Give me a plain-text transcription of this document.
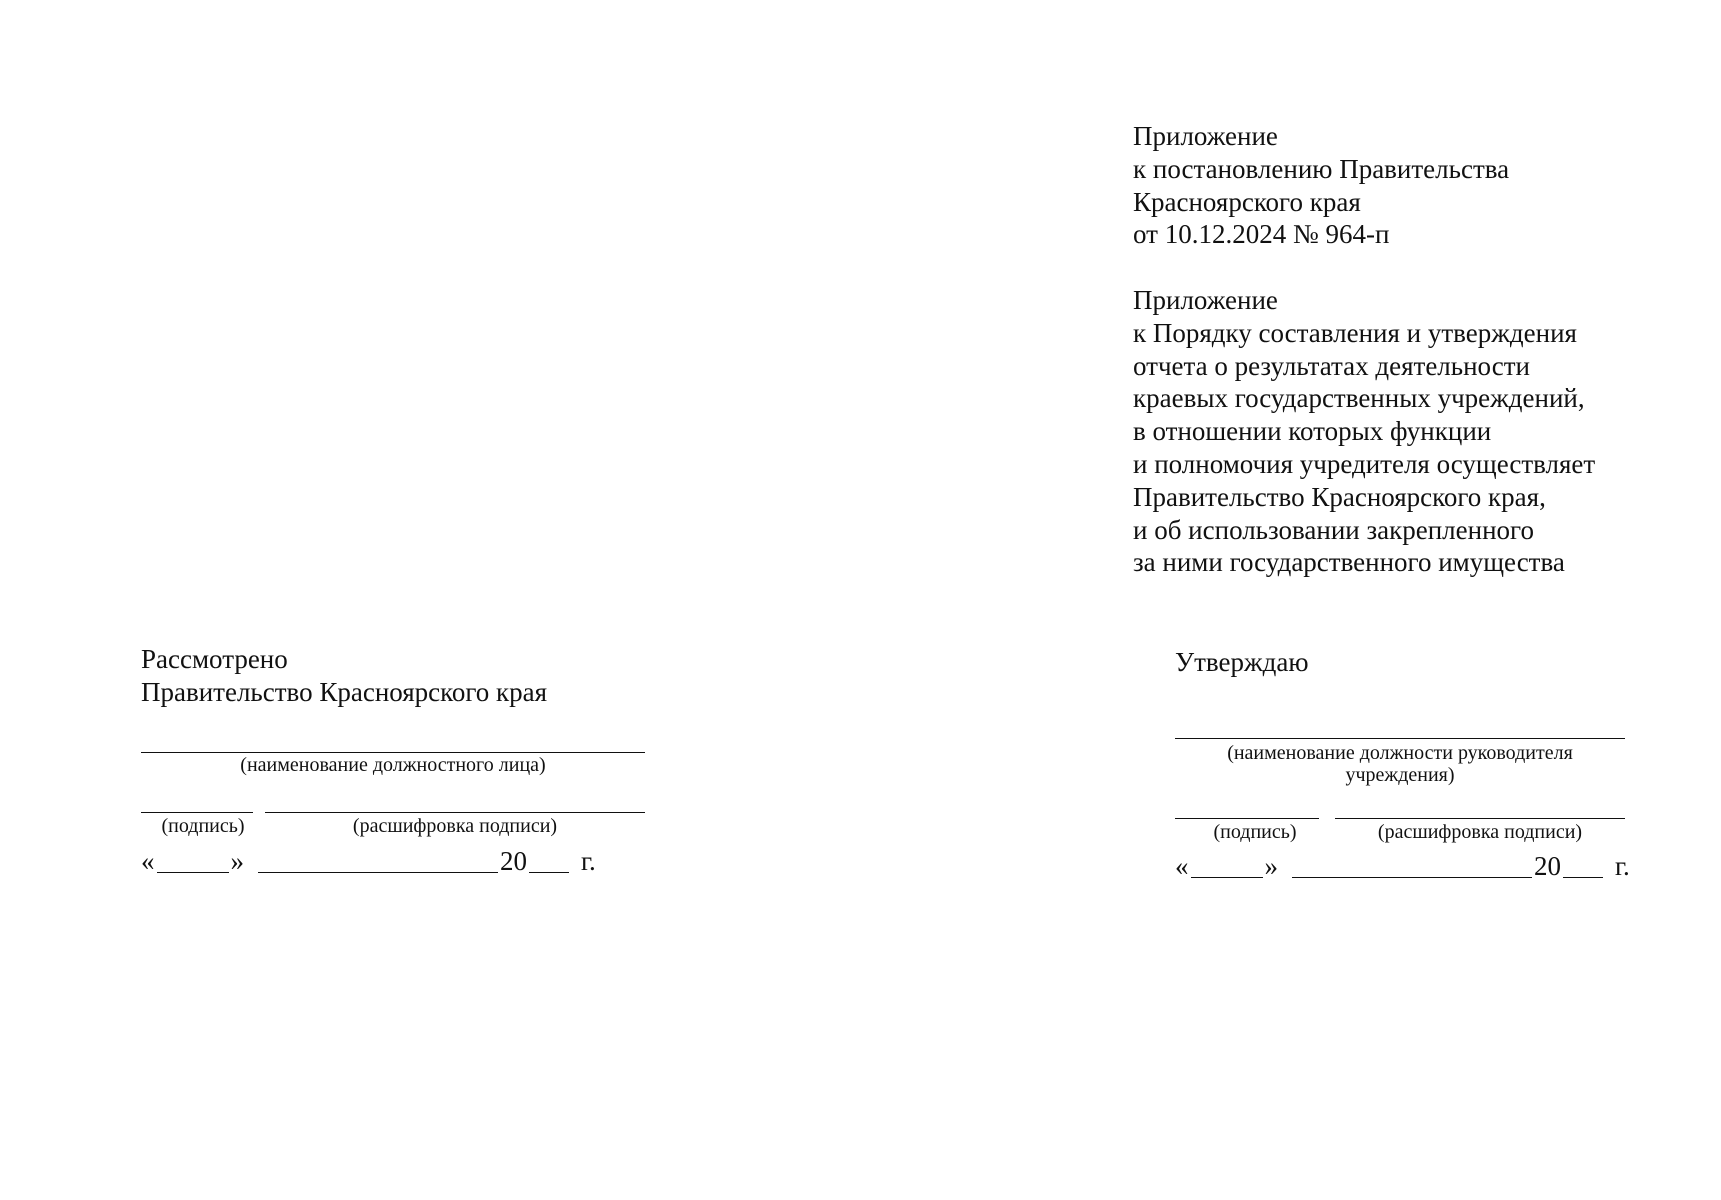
Приложение
к постановлению Правительства
Красноярского края
от 10.12.2024 № 964-п
Приложение
к Порядку составления и утверждения
отчета о результатах деятельности
краевых государственных учреждений,
в отношении которых функции
и полномочия учредителя осуществляет
Правительство Красноярского края,
и об использовании закрепленного
за ними государственного имущества
Рассмотрено
Правительство Красноярского края
(наименование должностного лица)
(подпись)	(расшифровка подписи)
«	»	20 г.
Утверждаю
(наименование должности руководителя
учреждения)
(подпись)	(расшифровка подписи)
«	»	20 г.
